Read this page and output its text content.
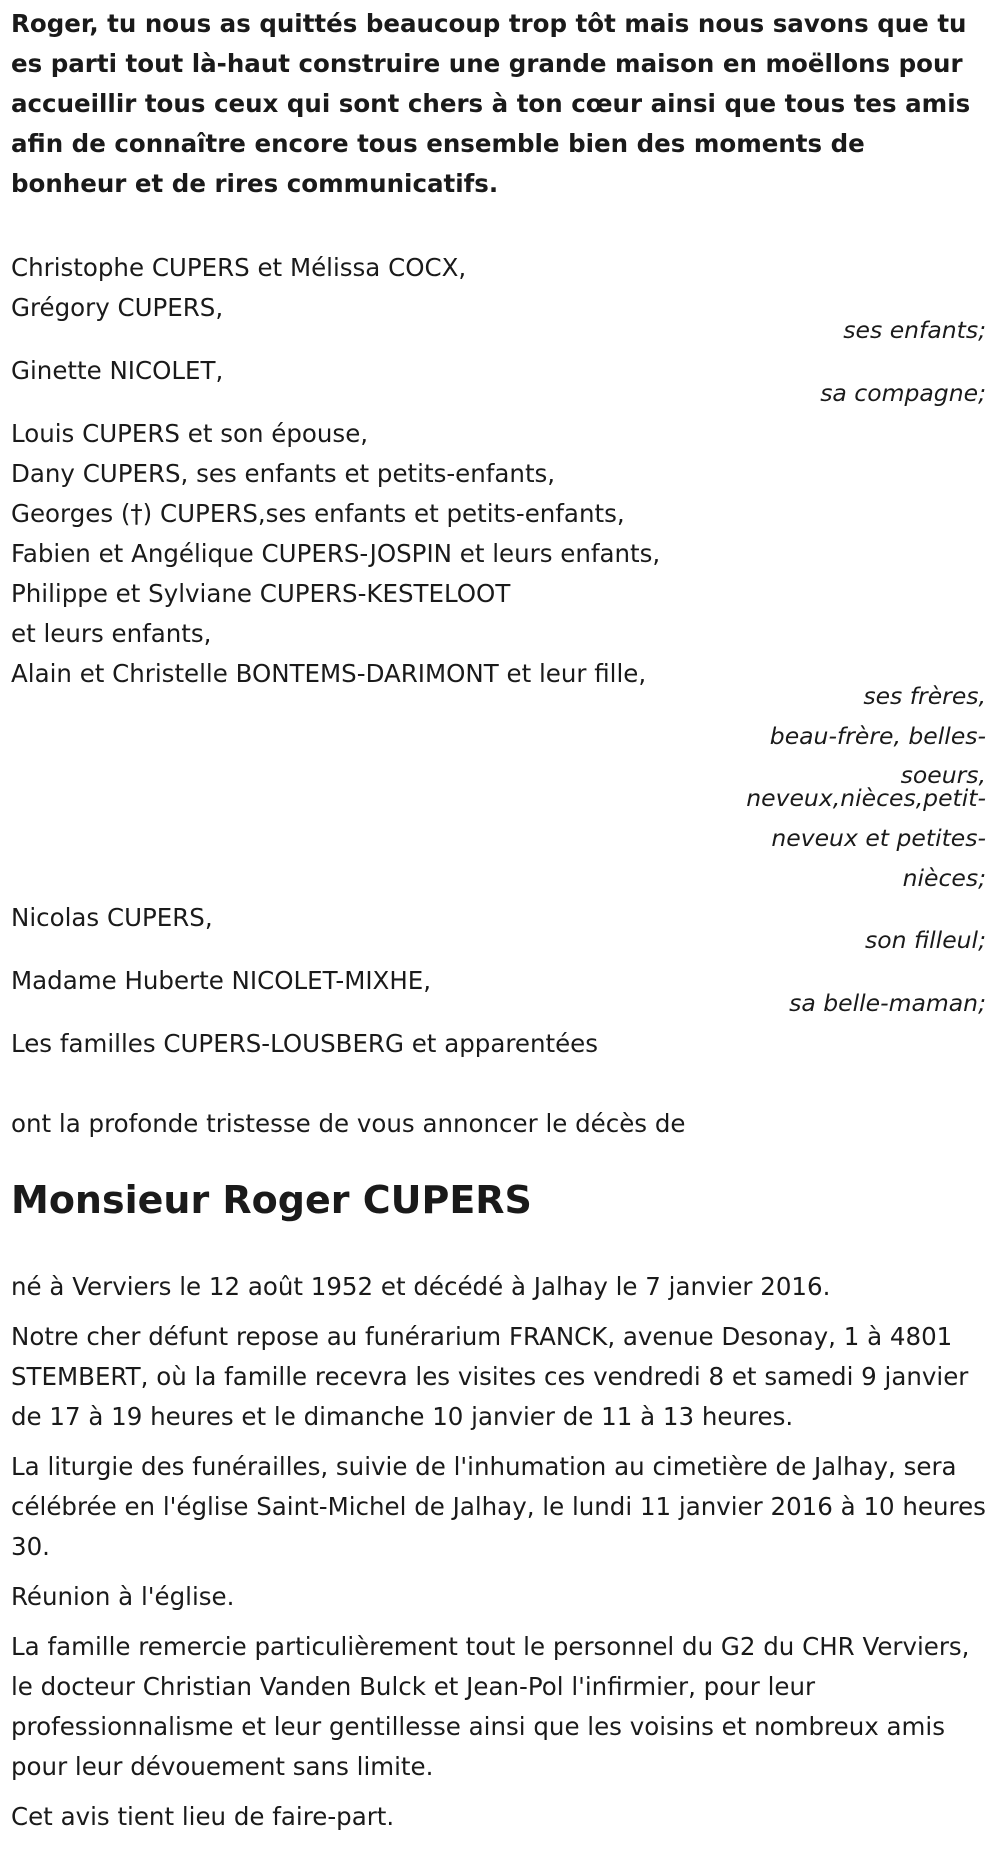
Roger, tu nous as quittés beaucoup trop tôt mais nous savons que tu es parti tout là-haut construire une grande maison en moëllons pour accueillir tous ceux qui sont chers à ton cœur ainsi que tous tes amis afin de connaître encore tous ensemble bien des moments de bonheur et de rires communicatifs.

Christophe CUPERS et Mélissa COCX,
Grégory CUPERS,
ses enfants;
Ginette NICOLET,
sa compagne;
Louis CUPERS et son épouse,
Dany CUPERS, ses enfants et petits-enfants,
Georges (†) CUPERS,ses enfants et petits-enfants,
Fabien et Angélique CUPERS-JOSPIN et leurs enfants,
Philippe et Sylviane CUPERS-KESTELOOT
et leurs enfants,
Alain et Christelle BONTEMS-DARIMONT et leur fille,
ses frères,
beau-frère, belles-
soeurs,
neveux,nièces,petit-
neveux et petites-
nièces;
Nicolas CUPERS,
son filleul;
Madame Huberte NICOLET-MIXHE,
sa belle-maman;
Les familles CUPERS-LOUSBERG et apparentées
ont la profonde tristesse de vous annoncer le décès de
Monsieur Roger CUPERS

né à Verviers le 12 août 1952 et décédé à Jalhay le 7 janvier 2016.

Notre cher défunt repose au funérarium FRANCK, avenue Desonay, 1 à 4801 STEMBERT, où la famille recevra les visites ces vendredi 8 et samedi 9 janvier de 17 à 19 heures et le dimanche 10 janvier de 11 à 13 heures.

La liturgie des funérailles, suivie de l'inhumation au cimetière de Jalhay, sera célébrée en l'église Saint-Michel de Jalhay, le lundi 11 janvier 2016 à 10 heures 30.

Réunion à l'église.

La famille remercie particulièrement tout le personnel du G2 du CHR Verviers, le docteur Christian Vanden Bulck et Jean-Pol l'infirmier, pour leur professionnalisme et leur gentillesse ainsi que les voisins et nombreux amis pour leur dévouement sans limite.

Cet avis tient lieu de faire-part.
